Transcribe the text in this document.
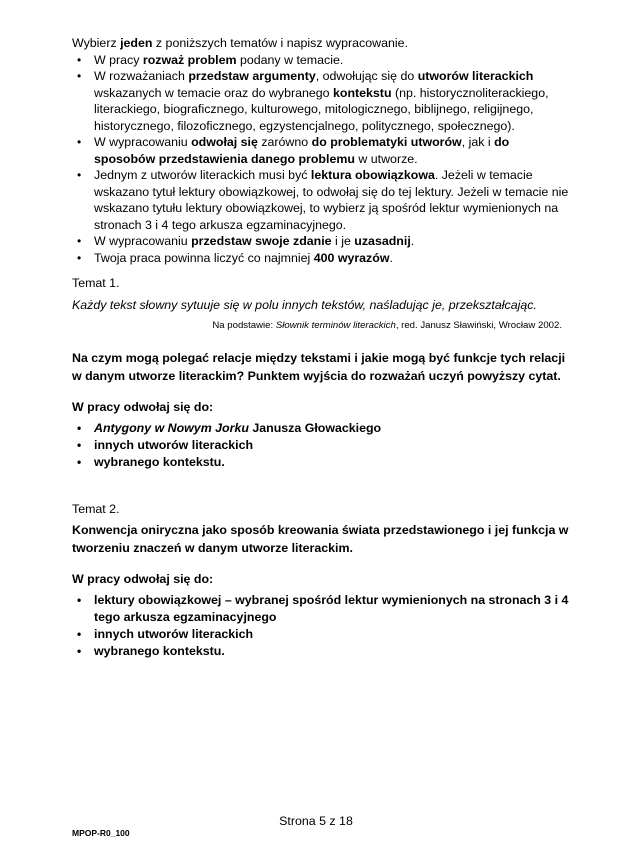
Wybierz jeden z poniższych tematów i napisz wypracowanie.
• W pracy rozważ problem podany w temacie.
• W rozważaniach przedstaw argumenty, odwołując się do utworów literackich wskazanych w temacie oraz do wybranego kontekstu (np. historycznoliterackiego, literackiego, biograficznego, kulturowego, mitologicznego, biblijnego, religijnego, historycznego, filozoficznego, egzystencjalnego, politycznego, społecznego).
• W wypracowaniu odwołaj się zarówno do problematyki utworów, jak i do sposobów przedstawienia danego problemu w utworze.
• Jednym z utworów literackich musi być lektura obowiązkowa. Jeżeli w temacie wskazano tytuł lektury obowiązkowej, to odwołaj się do tej lektury. Jeżeli w temacie nie wskazano tytułu lektury obowiązkowej, to wybierz ją spośród lektur wymienionych na stronach 3 i 4 tego arkusza egzaminacyjnego.
• W wypracowaniu przedstaw swoje zdanie i je uzasadnij.
• Twoja praca powinna liczyć co najmniej 400 wyrazów.
Temat 1.
Każdy tekst słowny sytuuje się w polu innych tekstów, naśladując je, przekształcając.
Na podstawie: Słownik terminów literackich, red. Janusz Sławiński, Wrocław 2002.
Na czym mogą polegać relacje między tekstami i jakie mogą być funkcje tych relacji w danym utworze literackim? Punktem wyjścia do rozważań uczyń powyższy cytat.
W pracy odwołaj się do:
• Antygony w Nowym Jorku Janusza Głowackiego
• innych utworów literackich
• wybranego kontekstu.
Temat 2.
Konwencja oniryczna jako sposób kreowania świata przedstawionego i jej funkcja w tworzeniu znaczeń w danym utworze literackim.
W pracy odwołaj się do:
• lektury obowiązkowej – wybranej spośród lektur wymienionych na stronach 3 i 4 tego arkusza egzaminacyjnego
• innych utworów literackich
• wybranego kontekstu.
Strona 5 z 18
MPOP-R0_100
